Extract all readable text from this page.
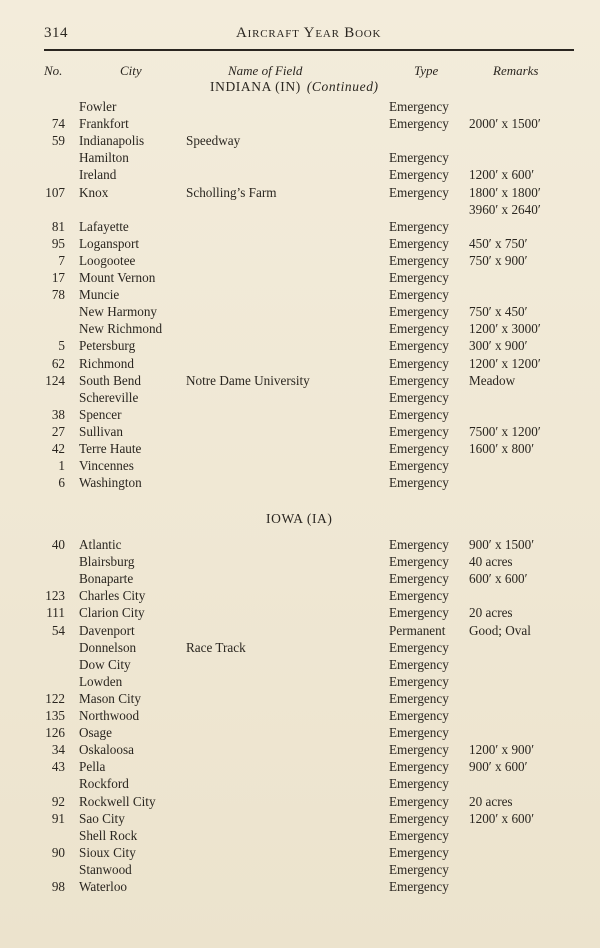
314	Aircraft Year Book
No.	City	Name of Field	Type	Remarks
INDIANA (IN) (Continued)
Fowler	Emergency
74 Frankfort	Emergency 2000′ x 1500′
59 Indianapolis	Speedway
Hamilton	Emergency
Ireland	Emergency 1200′ x 600′
107 Knox	Scholling’s Farm	Emergency 1800′ x 1800′
3960′ x 2640′
81 Lafayette	Emergency
95 Logansport	Emergency 450′ x 750′
7 Loogootee	Emergency 750′ x 900′
17 Mount Vernon	Emergency
78 Muncie	Emergency
New Harmony	Emergency 750′ x 450′
New Richmond	Emergency 1200′ x 3000′
5 Petersburg	Emergency 300′ x 900′
62 Richmond	Emergency 1200′ x 1200′
124 South Bend	Notre Dame University	Emergency Meadow
Schereville	Emergency
38 Spencer	Emergency
27 Sullivan	Emergency 7500′ x 1200′
42 Terre Haute	Emergency 1600′ x 800′
1 Vincennes	Emergency
6 Washington	Emergency
IOWA (IA)
40 Atlantic	Emergency 900′ x 1500′
Blairsburg	Emergency 40 acres
Bonaparte	Emergency 600′ x 600′
123 Charles City	Emergency
111 Clarion City	Emergency 20 acres
54 Davenport	Permanent Good; Oval
Donnelson	Race Track	Emergency
Dow City	Emergency
Lowden	Emergency
122 Mason City	Emergency
135 Northwood	Emergency
126 Osage	Emergency
34 Oskaloosa	Emergency 1200′ x 900′
43 Pella	Emergency 900′ x 600′
Rockford	Emergency
92 Rockwell City	Emergency 20 acres
91 Sao City	Emergency 1200′ x 600′
Shell Rock	Emergency
90 Sioux City	Emergency
Stanwood	Emergency
98 Waterloo	Emergency
